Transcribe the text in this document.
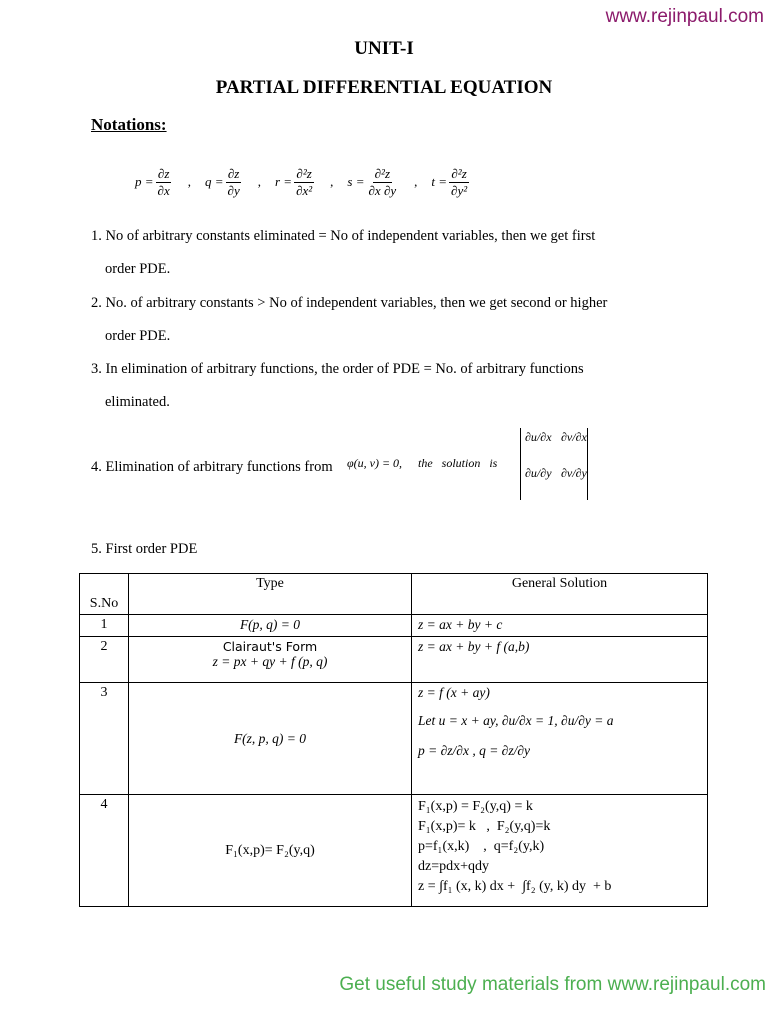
www.rejinpaul.com
UNIT-I
PARTIAL DIFFERENTIAL EQUATION
Notations:
$p = \frac{\partial z}{\partial x}$ , $q = \frac{\partial z}{\partial y}$ , $r = \frac{\text{∂²z}}{\text{∂x²}}$ , $s = \frac{\text{∂²z}}{\partial x \partial y}$ , $t = \frac{\text{∂²z}}{\text{∂y²}}$
1. No of arbitrary constants eliminated = No of independent variables, then we get first
order PDE.
2. No. of arbitrary constants > No of independent variables, then we get second or higher
order PDE.
3. In elimination of arbitrary functions, the order of PDE = No. of arbitrary functions
eliminated.
4. Elimination of arbitrary functions from φ(u, v) = 0, the   solution   is
∂u/∂x ∂v/∂x
∂u/∂y ∂v/∂y
5. First order PDE
S.No	Type	General Solution
1	F(p, q) = 0	z = ax + by + c
2	Clairaut's Form
z = px + qy + f (p, q)	z = ax + by + f (a,b)
3	F(z, p, q) = 0	z = f (x + ay)
Let u = x + ay, ∂u/∂x = 1, ∂u/∂y = a
p = ∂z/∂x , q = ∂z/∂y

4	F₁(x,p)= F₂(y,q)	F₁(x,p) = F₂(y,q) = k
F₁(x,p)= k   ,  F₂(y,q)=k
p=f₁(x,k)    ,  q=f₂(y,k)
dz=pdx+qdy
z = ∫f₁ (x, k) dx +  ∫f₂ (y, k) dy  + b
Get useful study materials from www.rejinpaul.com
